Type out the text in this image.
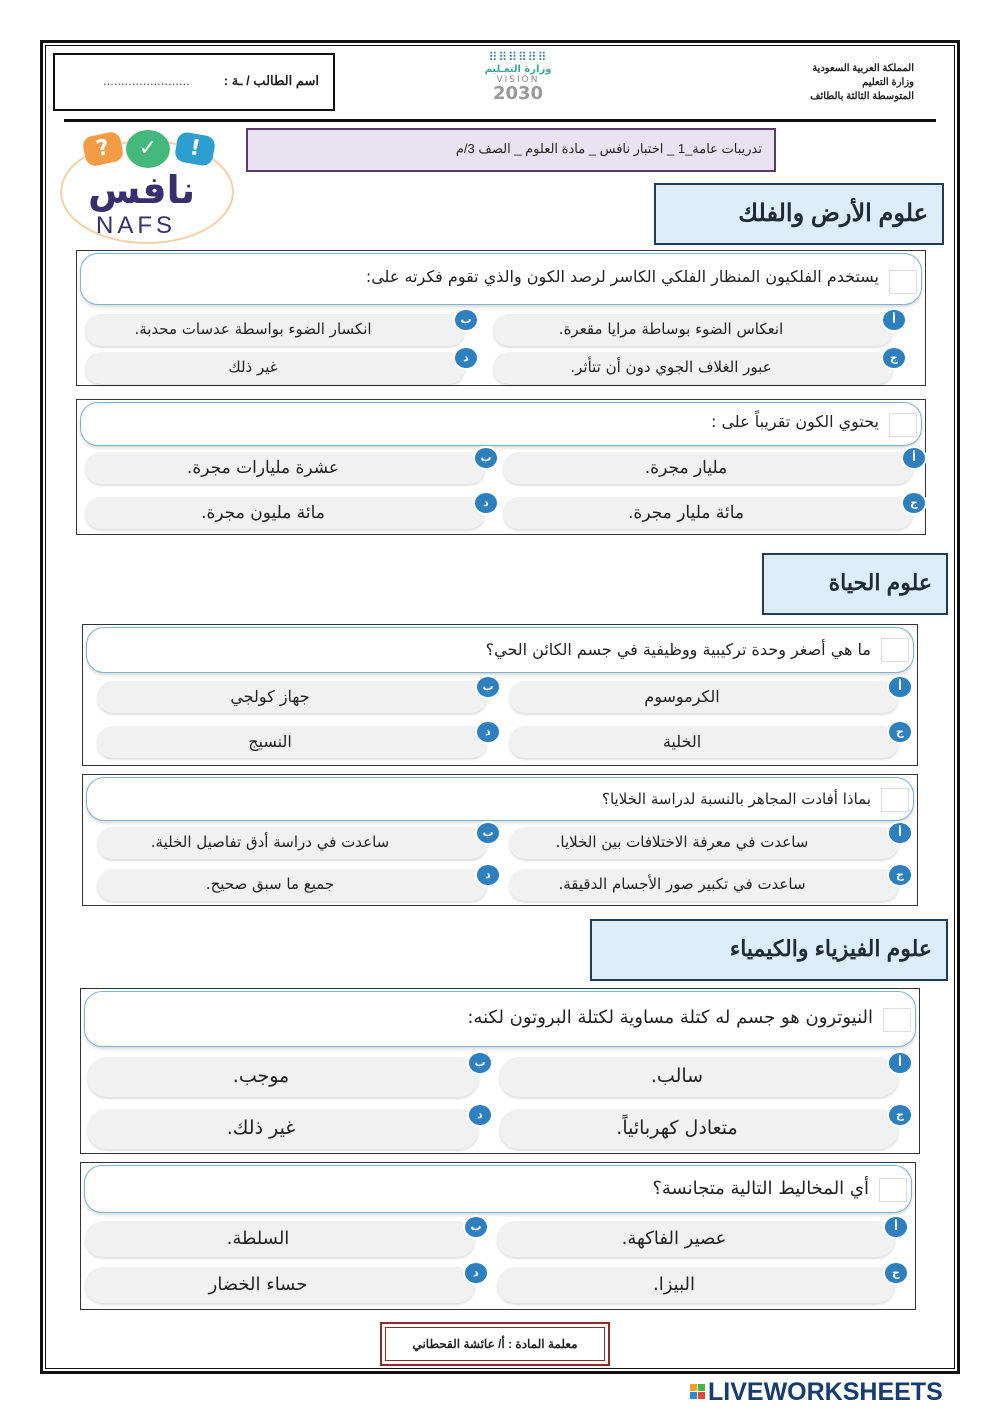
المملكة العربية السعودية
وزارة التعليم
المتوسطة الثالثة بالطائف
⠿⠿⠿⠿⠿⠿
وزارة التعـليم
VISION
2030
اسم الطالب / ـة :
........................
تدريبات عامة_1 _ اختبار نافس _ مادة العلوم _ الصف 3/م
?	✓	!
نافس
NAFS	علوم الأرض والفلك
يستخدم الفلكيون المنظار الفلكي الكاسر لرصد الكون والذي تقوم فكرته على:
أ
انعكاس الضوء بوساطة مرايا مقعرة.
ب
انكسار الضوء بواسطة عدسات محدبة.
ج
عبور الغلاف الجوي دون أن تتأثر.
د
غير ذلك
يحتوي الكون تقريباً على :
أ
مليار مجرة.
ب
عشرة مليارات مجرة.
ج
مائة مليار مجرة.
د
مائة مليون مجرة.
علوم الحياة
ما هي أصغر وحدة تركيبية ووظيفية في جسم الكائن الحي؟
أ
الكرموسوم
ب
جهاز كولجي
ج
الخلية
د
النسيج
بماذا أفادت المجاهر بالنسبة لدراسة الخلايا؟
أ
ساعدت في معرفة الاختلافات بين الخلايا.
ب
ساعدت في دراسة أدق تفاصيل الخلية.
ج
ساعدت في تكبير صور الأجسام الدقيقة.
د
جميع ما سبق صحيح.
علوم الفيزياء والكيمياء
النيوترون هو جسم له كتلة مساوية لكتلة البروتون لكنه:
أ
سالب.
ب
موجب.
ج
متعادل كهربائياً.
د
غير ذلك.
أي المخاليط التالية متجانسة؟
أ
عصير الفاكهة.
ب
السلطة.
ج
البيزا.
د
حساء الخضار
معلمة المادة : أ/ عائشة القحطاني
LIVEWORKSHEETS
